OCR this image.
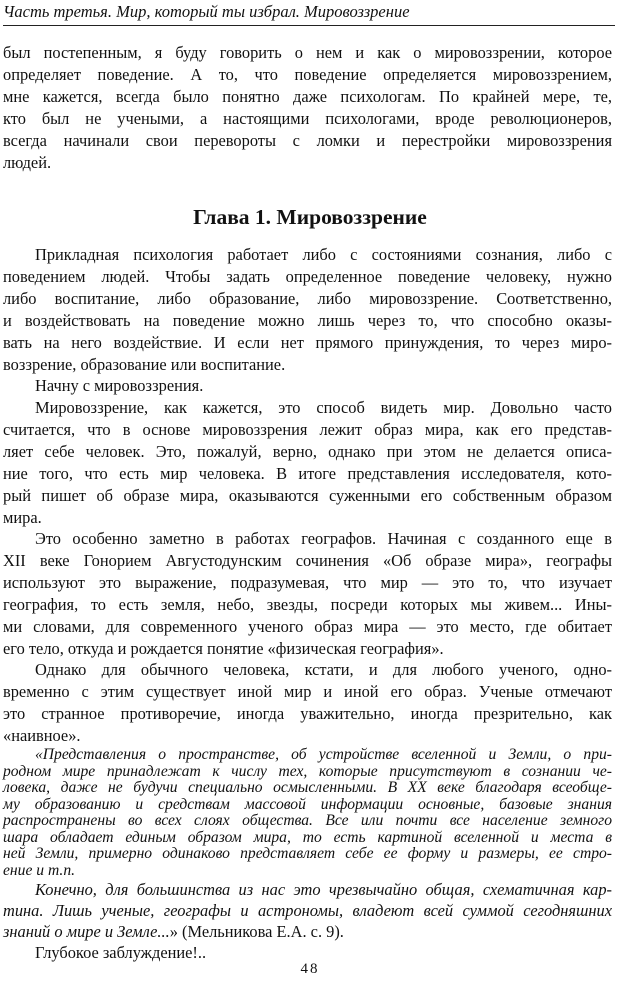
Часть третья. Мир, который ты избрал. Мировоззрение
был постепенным, я буду говорить о нем и как о мировоззрении, которое
определяет поведение. А то, что поведение определяется мировоззрением,
мне кажется, всегда было понятно даже психологам. По крайней мере, те,
кто был не учеными, а настоящими психологами, вроде революционеров,
всегда начинали свои перевороты с ломки и перестройки мировоззрения
людей.
Глава 1. Мировоззрение
Прикладная психология работает либо с состояниями сознания, либо с
поведением людей. Чтобы задать определенное поведение человеку, нужно
либо воспитание, либо образование, либо мировоззрение. Соответственно,
и воздействовать на поведение можно лишь через то, что способно оказы-
вать на него воздействие. И если нет прямого принуждения, то через миро-
воззрение, образование или воспитание.
Начну с мировоззрения.
Мировоззрение, как кажется, это способ видеть мир. Довольно часто
считается, что в основе мировоззрения лежит образ мира, как его представ-
ляет себе человек. Это, пожалуй, верно, однако при этом не делается описа-
ние того, что есть мир человека. В итоге представления исследователя, кото-
рый пишет об образе мира, оказываются суженными его собственным образом
мира.
Это особенно заметно в работах географов. Начиная с созданного еще в
XII веке Гонорием Августодунским сочинения «Об образе мира», географы
используют это выражение, подразумевая, что мир — это то, что изучает
география, то есть земля, небо, звезды, посреди которых мы живем... Ины-
ми словами, для современного ученого образ мира — это место, где обитает
его тело, откуда и рождается понятие «физическая география».
Однако для обычного человека, кстати, и для любого ученого, одно-
временно с этим существует иной мир и иной его образ. Ученые отмечают
это странное противоречие, иногда уважительно, иногда презрительно, как
«наивное».
«Представления о пространстве, об устройстве вселенной и Земли, о при-
родном мире принадлежат к числу тех, которые присутствуют в сознании че-
ловека, даже не будучи специально осмысленными. В XX веке благодаря всеобще-
му образованию и средствам массовой информации основные, базовые знания
распространены во всех слоях общества. Все или почти все население земного
шара обладает единым образом мира, то есть картиной вселенной и места в
ней Земли, примерно одинаково представляет себе ее форму и размеры, ее стро-
ение и т.п.
Конечно, для большинства из нас это чрезвычайно общая, схематичная кар-
тина. Лишь ученые, географы и астрономы, владеют всей суммой сегодняшних
знаний о мире и Земле...» (Мельникова Е.А. с. 9).
Глубокое заблуждение!..
48
